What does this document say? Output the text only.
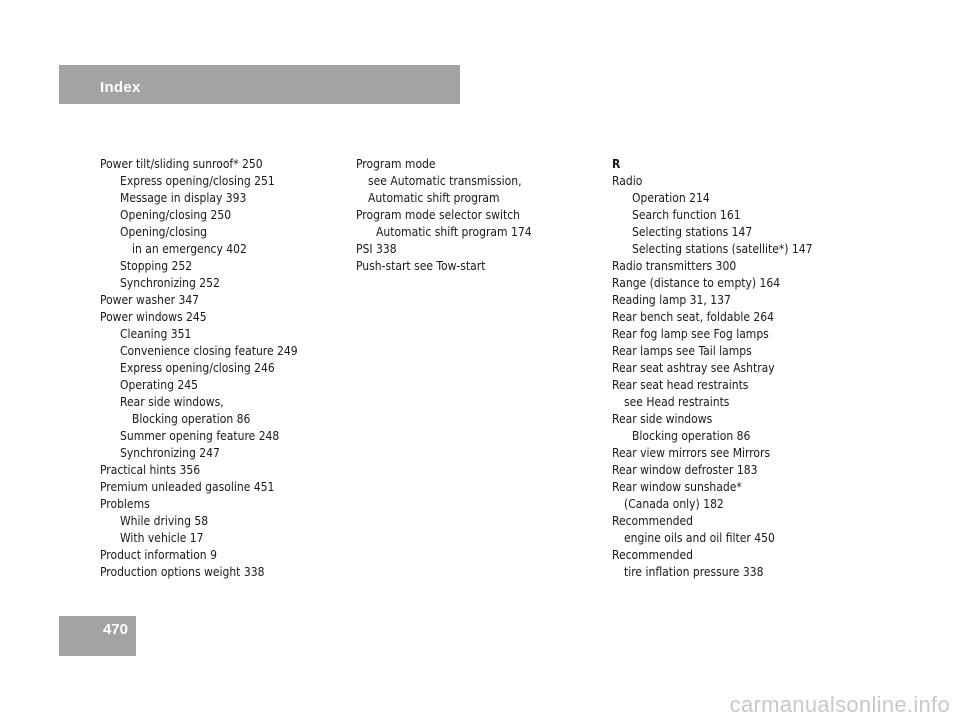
Index
Power tilt/sliding sunroof* 250
Express opening/closing 251
Message in display 393
Opening/closing 250
Opening/closing
in an emergency 402
Stopping 252
Synchronizing 252
Power washer 347
Power windows 245
Cleaning 351
Convenience closing feature 249
Express opening/closing 246
Operating 245
Rear side windows,
Blocking operation 86
Summer opening feature 248
Synchronizing 247
Practical hints 356
Premium unleaded gasoline 451
Problems
While driving 58
With vehicle 17
Product information 9
Production options weight 338
Program mode
see Automatic transmission,
Automatic shift program
Program mode selector switch
Automatic shift program 174
PSI 338
Push-start see Tow-start
R
Radio
Operation 214
Search function 161
Selecting stations 147
Selecting stations (satellite*) 147
Radio transmitters 300
Range (distance to empty) 164
Reading lamp 31, 137
Rear bench seat, foldable 264
Rear fog lamp see Fog lamps
Rear lamps see Tail lamps
Rear seat ashtray see Ashtray
Rear seat head restraints
see Head restraints
Rear side windows
Blocking operation 86
Rear view mirrors see Mirrors
Rear window defroster 183
Rear window sunshade*
(Canada only) 182
Recommended
engine oils and oil filter 450
Recommended
tire inflation pressure 338
470
carmanualsonline.info
